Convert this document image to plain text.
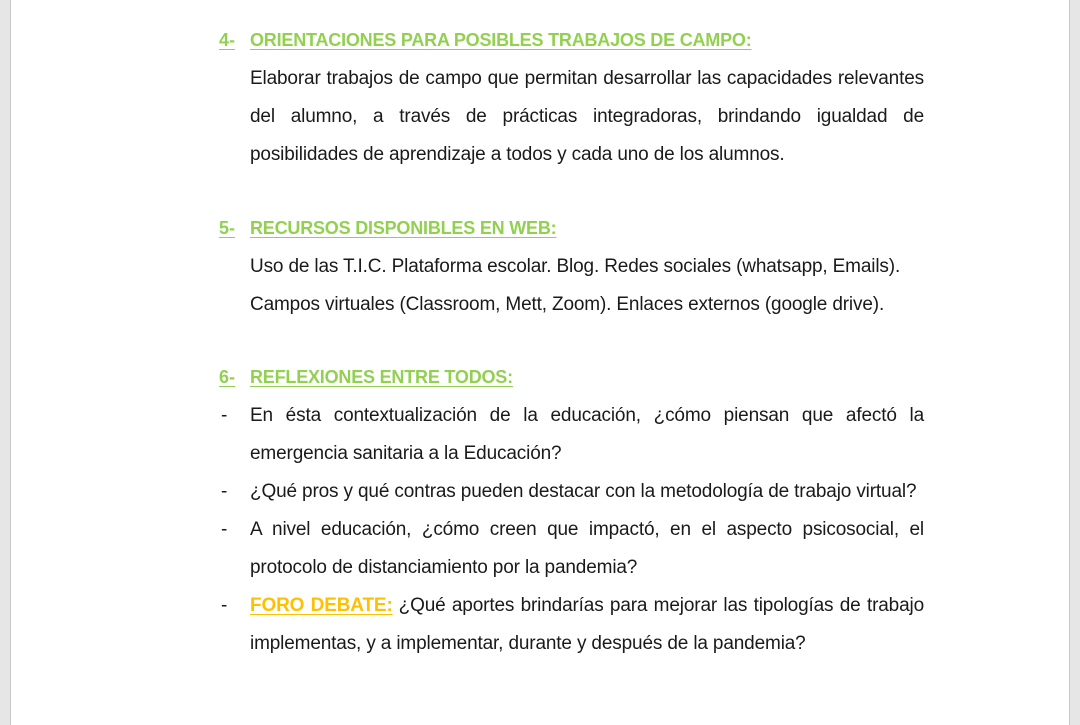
4- ORIENTACIONES PARA POSIBLES TRABAJOS DE CAMPO:
Elaborar trabajos de campo que permitan desarrollar las capacidades relevantes del alumno, a través de prácticas integradoras, brindando igualdad de posibilidades de aprendizaje a todos y cada uno de los alumnos.
5- RECURSOS DISPONIBLES EN WEB:
Uso de las T.I.C. Plataforma escolar. Blog. Redes sociales (whatsapp, Emails).
Campos virtuales (Classroom, Mett, Zoom). Enlaces externos (google drive).
6- REFLEXIONES ENTRE TODOS:
-	En ésta contextualización de la educación, ¿cómo piensan que afectó la emergencia sanitaria a la Educación?
-	¿Qué pros y qué contras pueden destacar con la metodología de trabajo virtual?
-	A nivel educación, ¿cómo creen que impactó, en el aspecto psicosocial, el protocolo de distanciamiento por la pandemia?
-	FORO DEBATE: ¿Qué aportes brindarías para mejorar las tipologías de trabajo implementas, y a implementar, durante y después de la pandemia?
